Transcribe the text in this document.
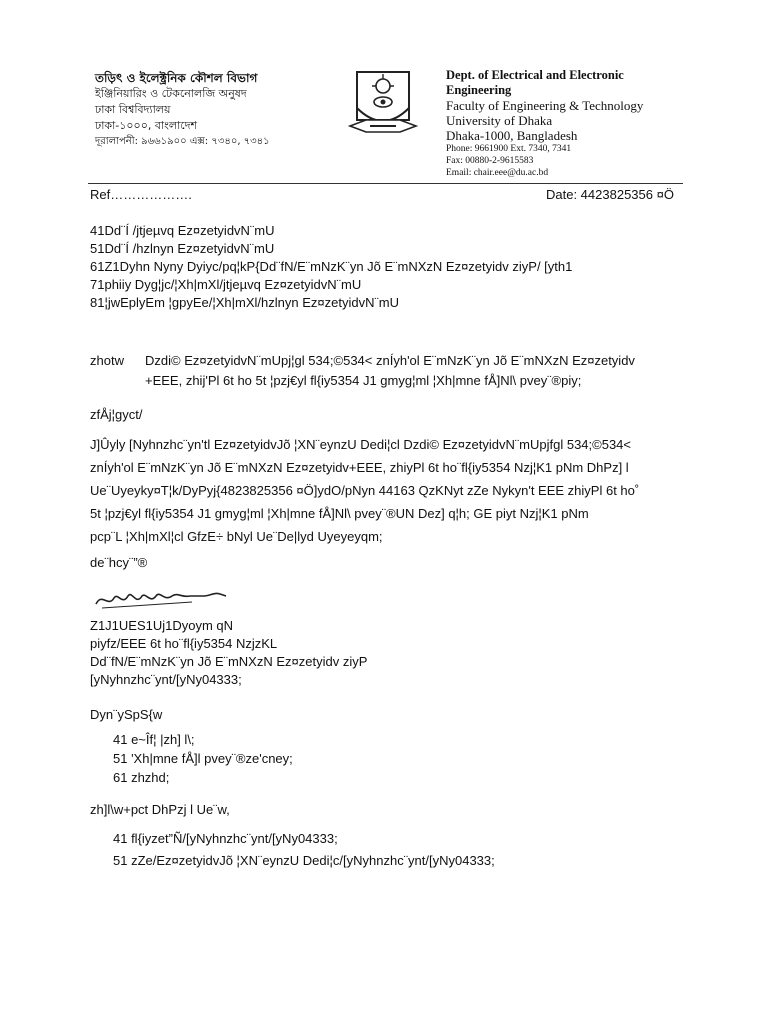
তড়িৎ ও ইলেক্ট্রনিক কৌশল বিভাগ
ইঞ্জিনিয়ারিং ও টেকনোলজি অনুষদ
ঢাকা বিশ্ববিদ্যালয়
ঢাকা-১০০০, বাংলাদেশ
দূরালাপনী: ৯৬৬১৯০০ এক্স: ৭৩৪০, ৭৩৪১
Dept. of Electrical and Electronic
Engineering
Faculty of Engineering & Technology
University of Dhaka
Dhaka-1000, Bangladesh
Phone: 9661900 Ext. 7340, 7341
Fax: 00880-2-9615583
Email: chair.eee@du.ac.bd
Ref……………….	Date: 4423825356 ¤Ö
41Dd¨Í /jtjeµvq Ez¤zetyidvN¨mU
51Dd¨Í /hzlnyn Ez¤zetyidvN¨mU
61Z1Dyhn Nyny Dyiyc/pq¦kP{Dd¨fN/E¨mNzK¨yn Jõ E¨mNXzN Ez¤zetyidv ziyP/ [yth1
71phiiy Dyg¦jc/¦Xh|mXl/jtjeµvq Ez¤zetyidvN¨mU
81¦jwEplyEm ¦gpyEe/¦Xh|mXl/hzlnyn Ez¤zetyidvN¨mU
zhotw Dzdi© Ez¤zetyidvN¨mUpj¦gl 534;©534< znÍyh'ol E¨mNzK¨yn Jõ E¨mNXzN Ez¤zetyidv
+EEE, zhij'Pl 6t ho 5t ¦pzj€yl fl{iy5354 J1 gmyg¦ml ¦Xh|mne fÅ]Nl\ pvey¨®piy;
zfÅj¦gyct/
J]Ûyly [Nyhnzhc¨yn'tl Ez¤zetyidvJõ ¦XN¨eynzU Dedi¦cl Dzdi© Ez¤zetyidvN¨mUpjfgl 534;©534<
znÍyh'ol E¨mNzK¨yn Jõ E¨mNXzN Ez¤zetyidv+EEE, zhiyPl 6t ho¨fl{iy5354 Nzj¦K1 pNm DhPz] l
Ue¨Uyeyky¤T¦k/DyPyj{4823825356 ¤Ö]ydO/pNyn 44163 QzKNyt zZe Nykyn't EEE zhiyPl 6t ho˚
5t ¦pzj€yl fl{iy5354 J1 gmyg¦ml ¦Xh|mne fÅ]Nl\ pvey¨®UN Dez] q¦h; GE piyt Nzj¦K1 pNm
pcp¨L ¦Xh|mXl¦cl GfzE÷ bNyl Ue¨De|lyd Uyeyeyqm;
de¨hcy¨”®
Z1J1UES1Uj1Dyoym qN
piyfz/EEE 6t ho¨fl{iy5354 NzjzKL
Dd¨fN/E¨mNzK¨yn Jõ E¨mNXzN Ez¤zetyidv ziyP
[yNyhnzhc¨ynt/[yNy04333;
Dyn¨ySpS{w
41 e~Îf¦ |zh] l\;
51 'Xh|mne fÅ]l pvey¨®ze'cney;
61 zhzhd;
zh]l\w+pct DhPzj l Ue¨w,
41 fl{iyzet”Ñ/[yNyhnzhc¨ynt/[yNy04333;
51 zZe/Ez¤zetyidvJõ ¦XN¨eynzU Dedi¦c/[yNyhnzhc¨ynt/[yNy04333;
